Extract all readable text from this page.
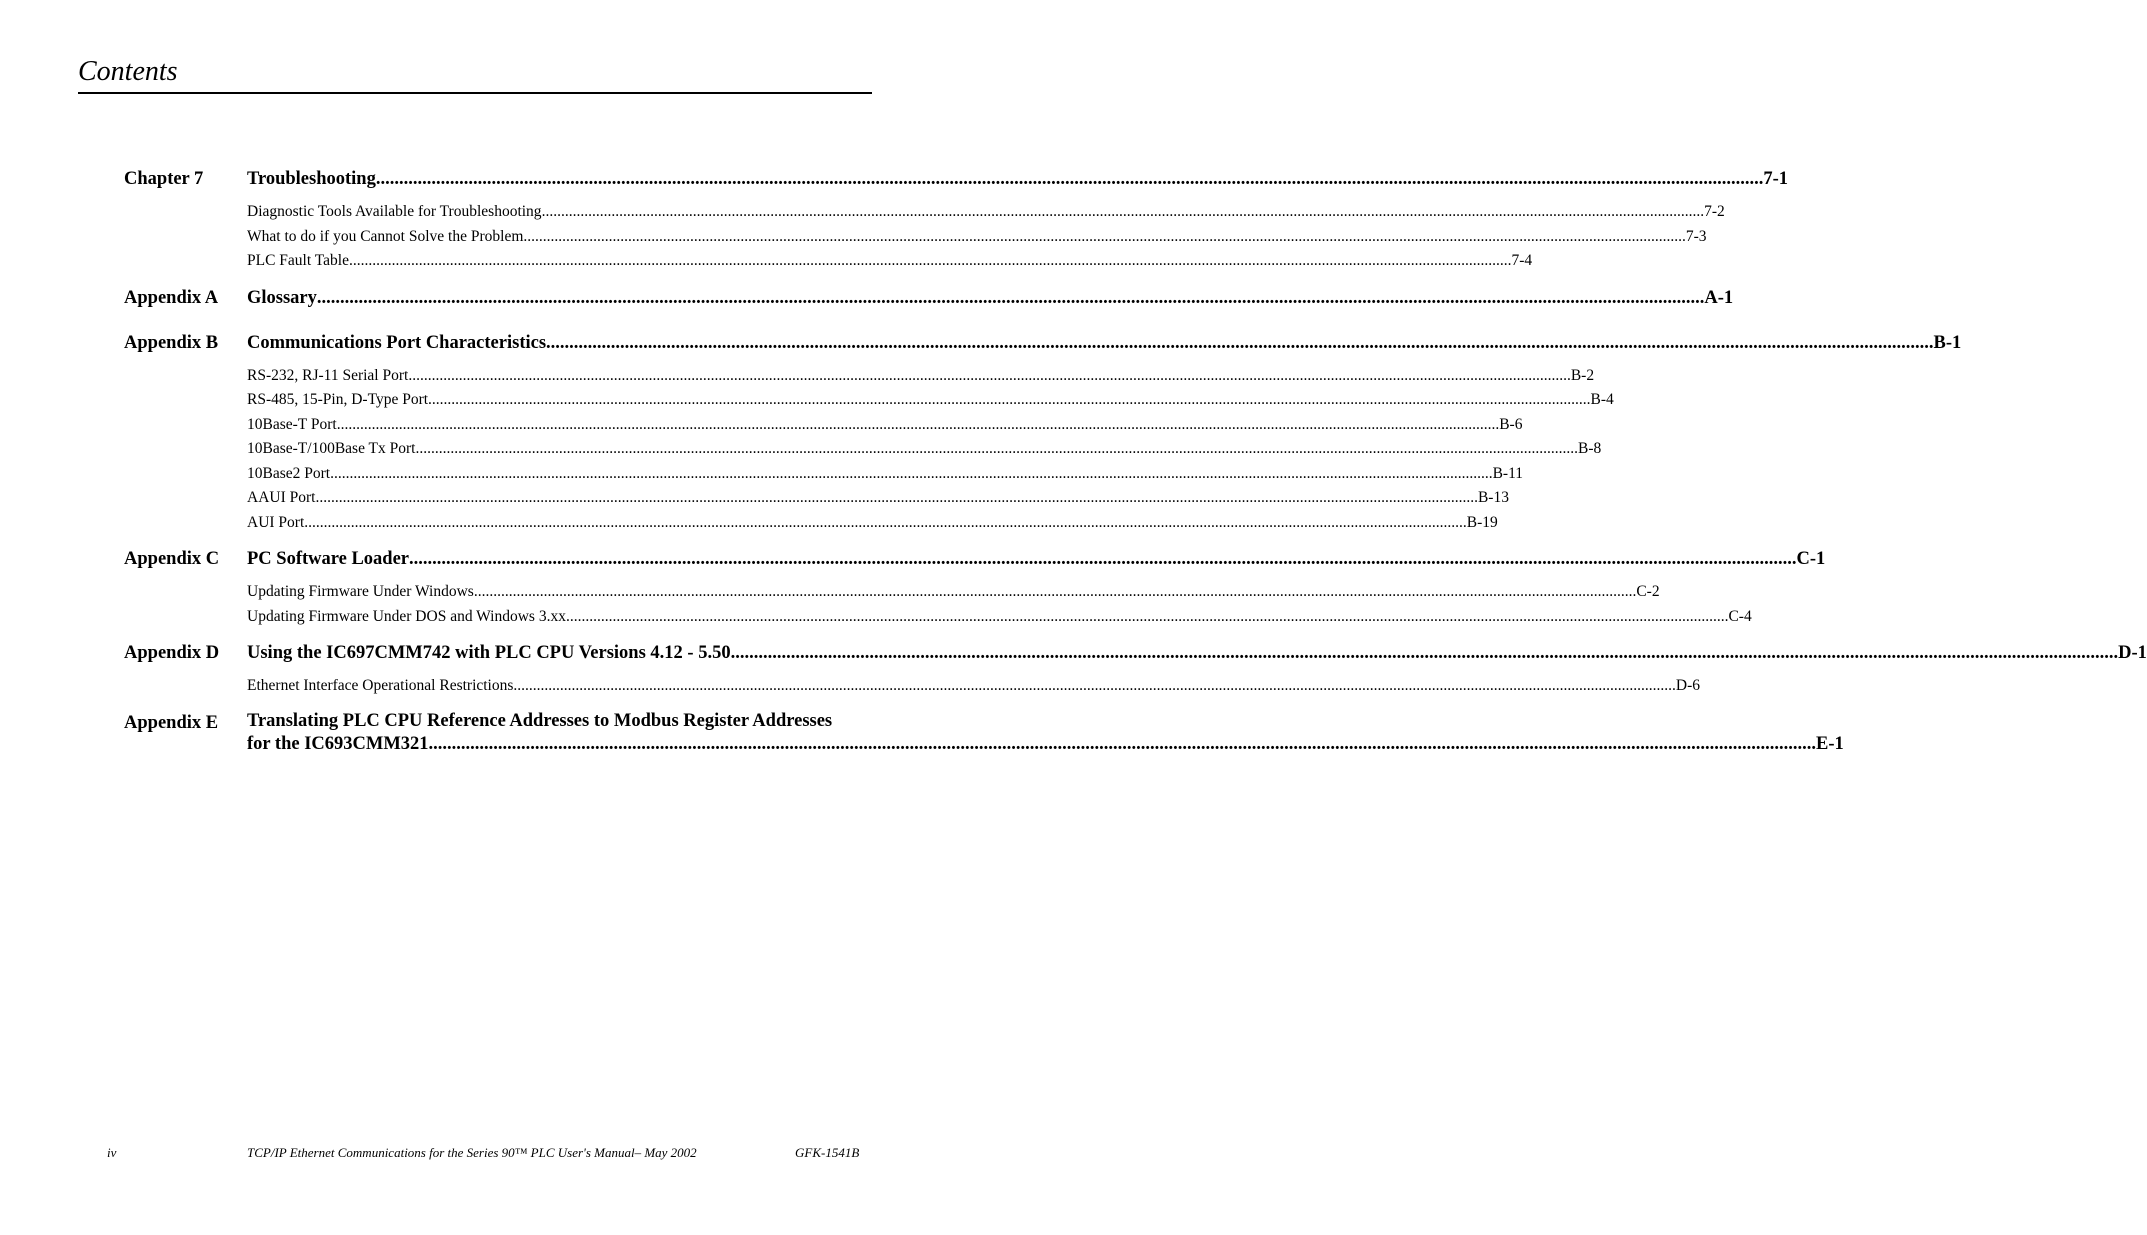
Contents
Chapter 7 Troubleshooting .....	7-1
Diagnostic Tools Available for Troubleshooting .....	7-2
What to do if you Cannot Solve the Problem .....	7-3
PLC Fault Table .....	7-4
Appendix A Glossary .....	A-1
Appendix B Communications Port Characteristics .....	B-1
RS-232, RJ-11 Serial Port .....	B-2
RS-485, 15-Pin, D-Type Port .....	B-4
10Base-T Port .....	B-6
10Base-T/100Base Tx Port .....	B-8
10Base2 Port .....	B-11
AAUI Port .....	B-13
AUI Port .....	B-19
Appendix C PC Software Loader .....	C-1
Updating Firmware Under Windows .....	C-2
Updating Firmware Under DOS and Windows 3.xx .....	C-4
Appendix D Using the IC697CMM742 with PLC CPU Versions 4.12 - 5.50 .....	D-1
Ethernet Interface Operational Restrictions .....	D-6
Appendix E Translating PLC CPU Reference Addresses to Modbus Register Addresses
for the IC693CMM321 .....	E-1
iv	TCP/IP Ethernet Communications for the Series 90™ PLC User's Manual– May 2002	GFK-1541B
